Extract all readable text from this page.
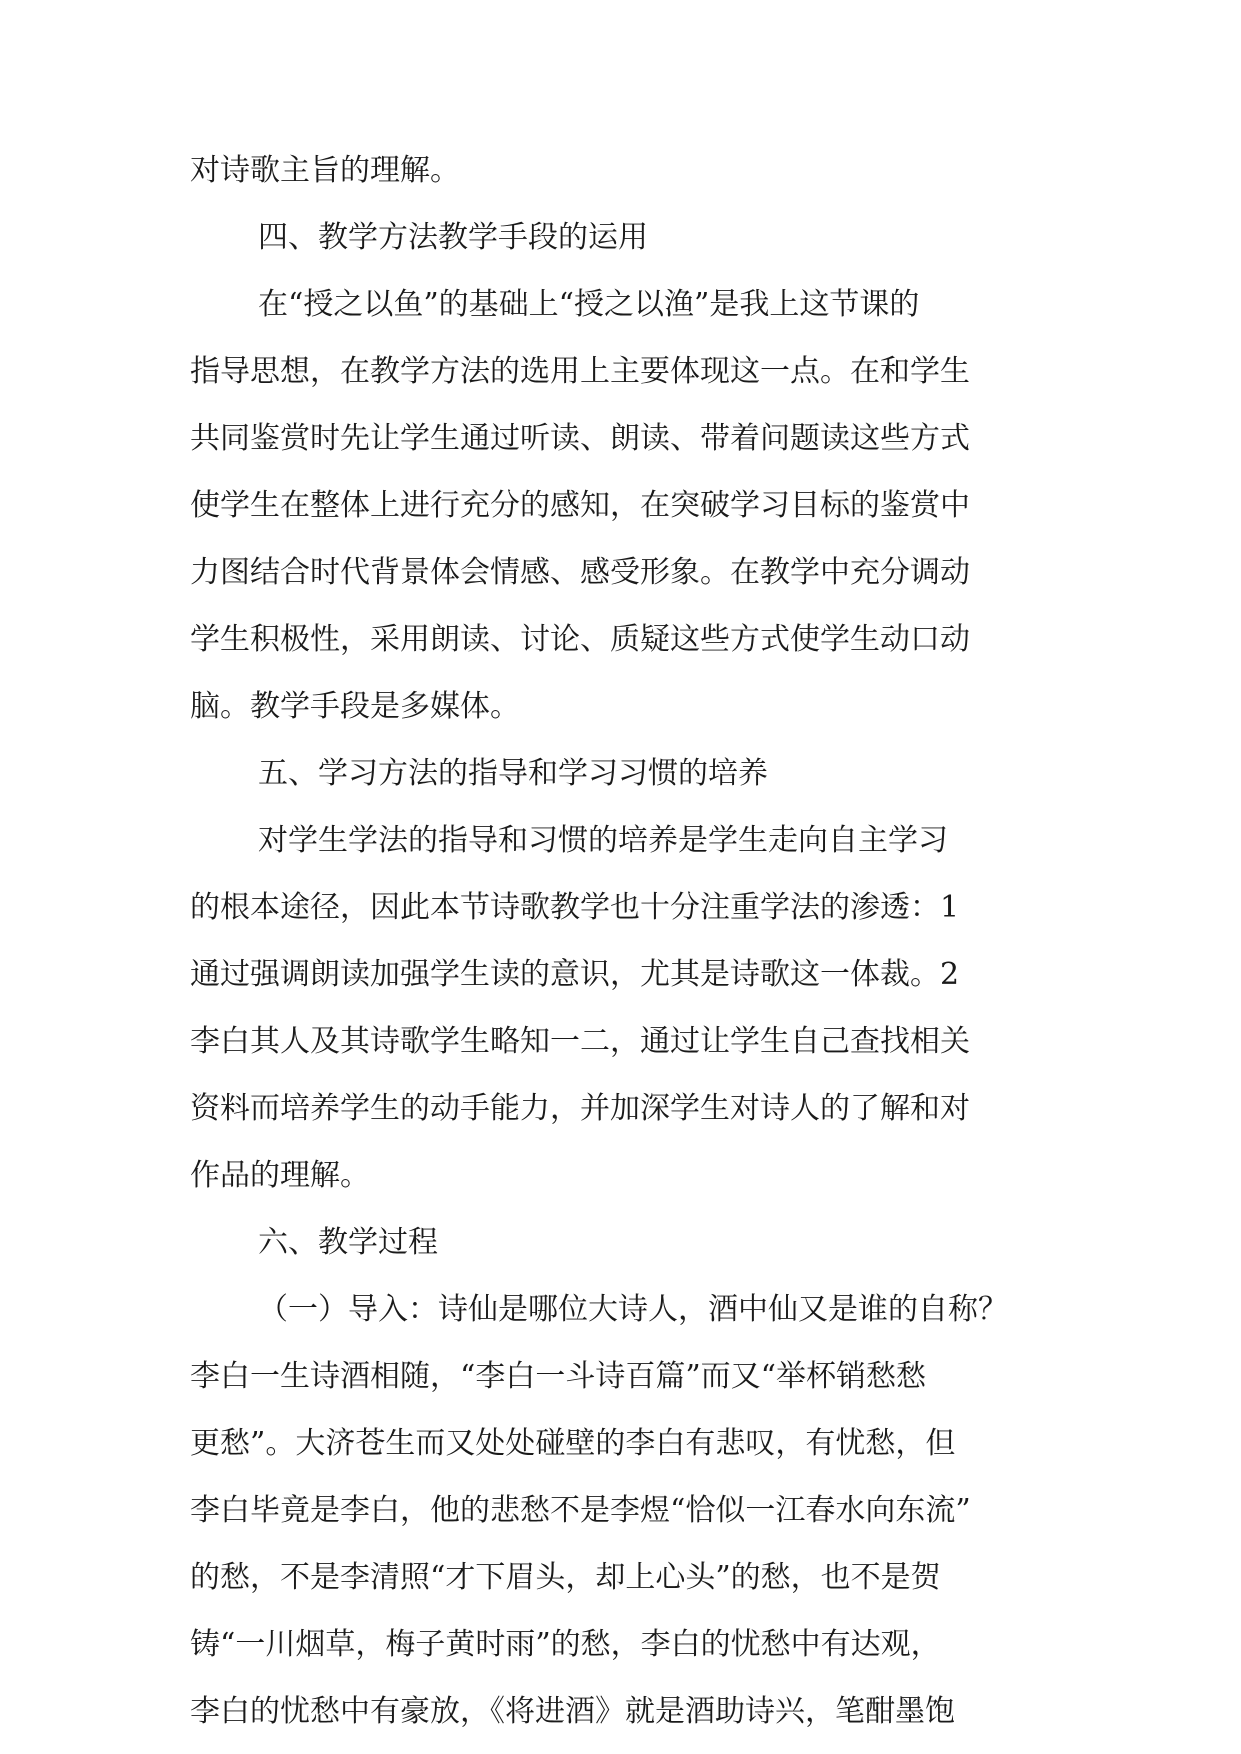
对诗歌主旨的理解。
四、教学方法教学手段的运用
在“授之以鱼”的基础上“授之以渔”是我上这节课的
指导思想，在教学方法的选用上主要体现这一点。在和学生
共同鉴赏时先让学生通过听读、朗读、带着问题读这些方式
使学生在整体上进行充分的感知，在突破学习目标的鉴赏中
力图结合时代背景体会情感、感受形象。在教学中充分调动
学生积极性，采用朗读、讨论、质疑这些方式使学生动口动
脑。教学手段是多媒体。
五、学习方法的指导和学习习惯的培养
对学生学法的指导和习惯的培养是学生走向自主学习
的根本途径，因此本节诗歌教学也十分注重学法的渗透：1
通过强调朗读加强学生读的意识，尤其是诗歌这一体裁。2
李白其人及其诗歌学生略知一二，通过让学生自己查找相关
资料而培养学生的动手能力，并加深学生对诗人的了解和对
作品的理解。
六、教学过程
（一）导入：诗仙是哪位大诗人，酒中仙又是谁的自称？
李白一生诗酒相随，“李白一斗诗百篇”而又“举杯销愁愁
更愁”。大济苍生而又处处碰壁的李白有悲叹，有忧愁，但
李白毕竟是李白，他的悲愁不是李煜“恰似一江春水向东流”
的愁，不是李清照“才下眉头，却上心头”的愁，也不是贺
铸“一川烟草，梅子黄时雨”的愁，李白的忧愁中有达观，
李白的忧愁中有豪放，《将进酒》就是酒助诗兴，笔酣墨饱
